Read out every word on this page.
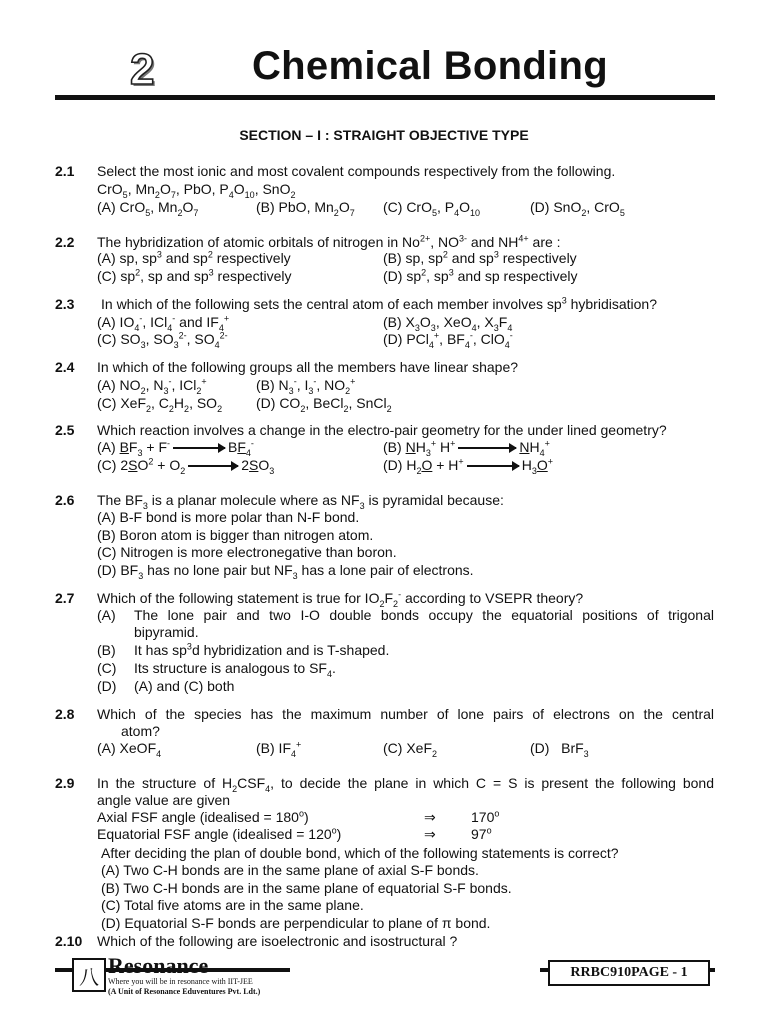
2 Chemical Bonding
SECTION – I : STRAIGHT OBJECTIVE TYPE
2.1 Select the most ionic and most covalent compounds respectively from the following.
CrO$_5$, $Mn_2O_7$, PbO, $P_4O_{10}$, SnO$_2$
(A) CrO$_5$, $Mn_2O_7$	(B) PbO, $Mn_2O_7$ (C) CrO$_5$, $P_4O_{10}$	(D) SnO$_2$, CrO$_5$
2.2 The hybridization of atomic orbitals of nitrogen in $No^{2+}$, $NO^{3-}$ and $NH^{4+}$ are :
(A) sp, $sp^3$ and $sp^2$ respectively	(B) sp, $sp^2$ and $sp^3$ respectively
(C) $sp^2$, sp and $sp^3$ respectively	(D) $sp^2$, $sp^3$ and sp respectively
2.3 In which of the following sets the central atom of each member involves $sp^3$ hybridisation?
(A) $IO_4^-$, ICl$_4$- and $IF_4^+$	(B) $X_3O_3$, XeO$_4$, $X_3F_4$
(C) $SO_3$, $SO_3^{2-}$, $SO_4^{2-}$	(D) PCl$_4$+, $BF_4^-$, ClO$_4$-
2.4 In which of the following groups all the members have linear shape?
(A) $NO_2$, $N_3^-$, ICl$_2$+	(B) $N_3^-$, $I_3^-$, $NO_2^+$
(C) XeF$_2$, $C_2H_2$, $SO_2$ (D) $CO_2$, BeCl$_2$, SnCl$_2$
2.5 Which reaction involves a change in the electro-pair geometry for the under lined geometry?
(A) $BF_3 + F^- \to BF_4^-$	(B) $NH_3^+$ H+	$NH_4^+$
(C) $2SO^2 + O_2 \to 2SO_3$	(D) $H_2O + H^+ \to H_3O^+$
2.6 The $BF_3$ is a planar molecule where as $NF_3$ is pyramidal because:
(A) B-F bond is more polar than N-F bond.
(B) Boron atom is bigger than nitrogen atom.
(C) Nitrogen is more electronegative than boron.
(D) $BF_3$ has no lone pair but $NF_3$ has a lone pair of electrons.
2.7 Which of the following statement is true for $IO_2F_2^-$ according to VSEPR theory?
(A) The lone pair and two I-O double bonds occupy the equatorial positions of trigonal
bipyramid.
(B) It has $sp^3d$ hybridization and is T-shaped.
(C) Its structure is analogous to $SF_4$.
(D) (A) and (C) both
2.8 Which of the species has the maximum number of lone pairs of electrons on the central
atom?
(A) XeOF$_4$	(B) $IF_4^+$	(C) XeF$_2$	(D)   BrF$_3$
2.9 In the structure of $H_2CSF_4$, to decide the plane in which C = S is present the following bond
angle value are given
Axial FSF angle (idealised = $180^o$)	⇒	170$^o$
Equatorial FSF angle (idealised = $120^o$)	⇒	97$^o$
After deciding the plan of double bond, which of the following statements is correct?
(A) Two C-H bonds are in the same plane of axial S-F bonds.
(B) Two C-H bonds are in the same plane of equatorial S-F bonds.
(C) Total five atoms are in the same plane.
(D) Equatorial S-F bonds are perpendicular to plane of π bond.
2.10 Which of the following are isoelectronic and isostructural ?
八 Resonance
Where you will be in resonance with IIT-JEE
(A Unit of Resonance Eduventures Pvt. Ldt.)
RRBC910PAGE - 1
